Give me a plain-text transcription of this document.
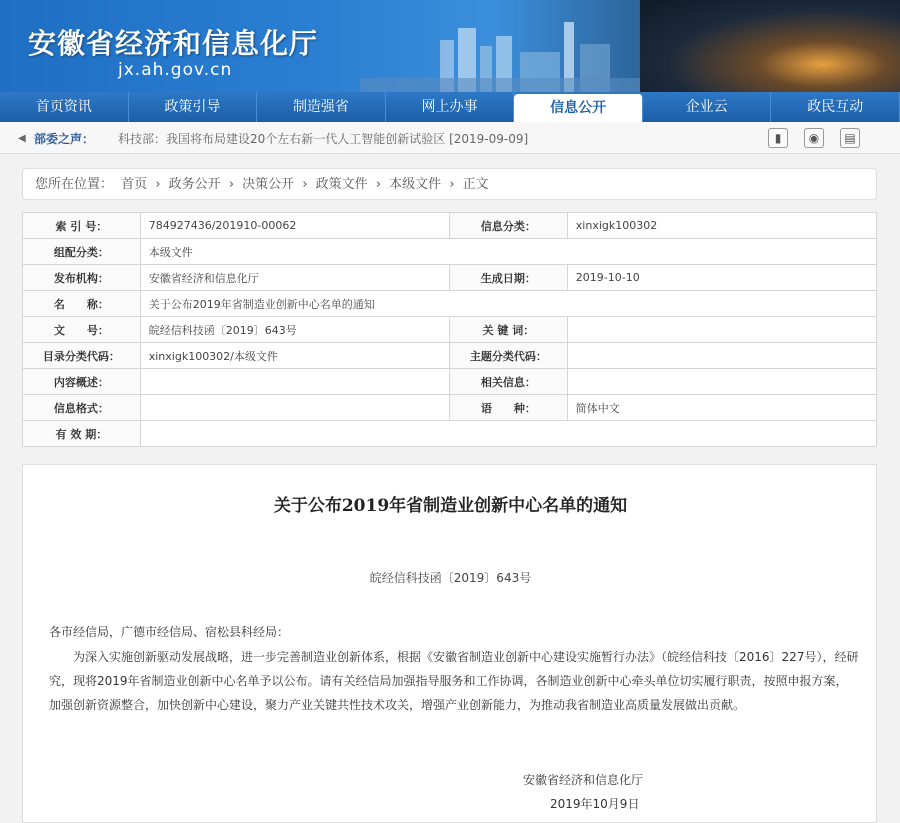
安徽省经济和信息化厅
jx.ah.gov.cn
首页资讯	政策引导	制造强省	网上办事	信息公开	企业云	政民互动
◀ 部委之声： 科技部：我国将布局建设20个左右新一代人工智能创新试验区 [2019-09-09]	▮	◉	▤
您所在位置： 首页 › 政务公开 › 决策公开 › 政策文件 › 本级文件 › 正文
索 引 号：	784927436/201910-00062	信息分类：	xinxigk100302
组配分类：	本级文件		
发布机构：	安徽省经济和信息化厅	生成日期：	2019-10-10
名　　称：	关于公布2019年省制造业创新中心名单的通知		
文　　号：	皖经信科技函〔2019〕643号	关 键 词：	
目录分类代码：	xinxigk100302/本级文件	主题分类代码：	
内容概述：		相关信息：	
信息格式：		语　　种：	简体中文
有 效 期：			
关于公布2019年省制造业创新中心名单的通知
皖经信科技函〔2019〕643号
各市经信局，广德市经信局、宿松县科经局：
为深入实施创新驱动发展战略，进一步完善制造业创新体系，根据《安徽省制造业创新中心建设实施暂行办法》（皖经信科技〔2016〕227号），经研究，现将2019年省制造业创新中心名单予以公布。请有关经信局加强指导服务和工作协调，各制造业创新中心牵头单位切实履行职责，按照申报方案，加强创新资源整合，加快创新中心建设，聚力产业关键共性技术攻关，增强产业创新能力，为推动我省制造业高质量发展做出贡献。
安徽省经济和信息化厅
2019年10月9日
